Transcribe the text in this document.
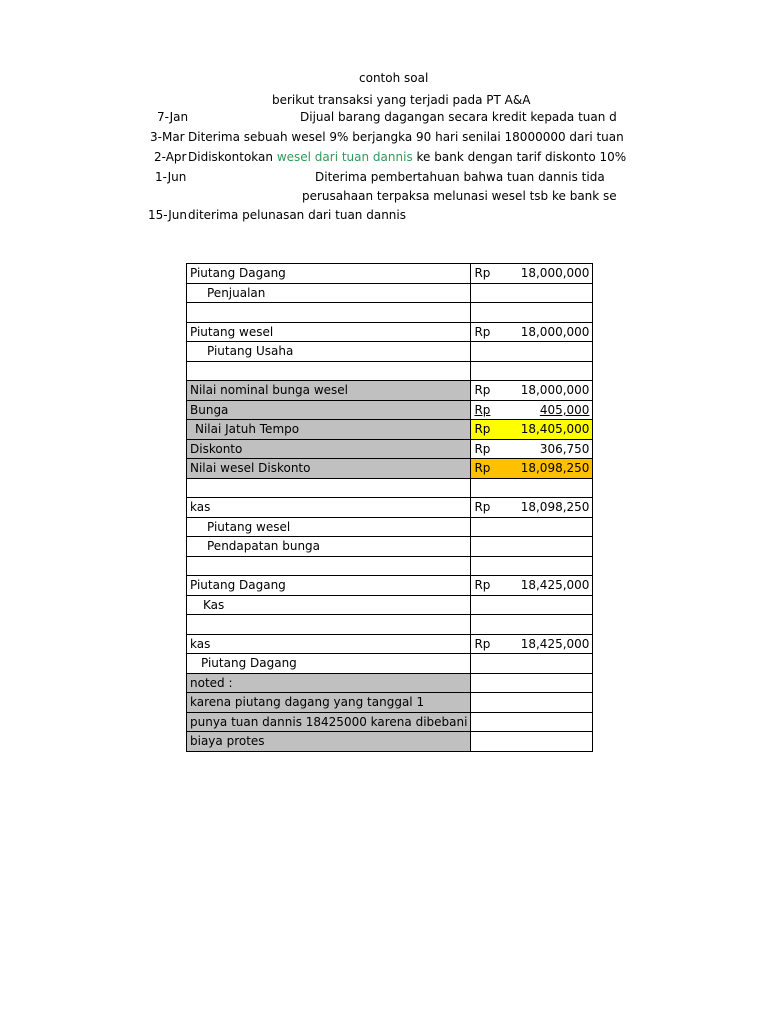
contoh soal
berikut transaksi yang terjadi pada PT A&A
7-Jan	Dijual barang dagangan secara kredit kepada tuan d
3-Mar Diterima sebuah wesel 9% berjangka 90 hari senilai 18000000 dari tuan
2-Apr Didiskontokan wesel dari tuan dannis ke bank dengan tarif diskonto 10%
1-Jun	Diterima pembertahuan bahwa tuan dannis tida
perusahaan terpaksa melunasi wesel tsb ke bank se
15-Jun diterima pelunasan dari tuan dannis
Piutang Dagang	Rp	18,000,000
Penjualan		

Piutang wesel	Rp	18,000,000
Piutang Usaha		

Nilai nominal bunga wesel	Rp	18,000,000
Bunga	Rp	405,000
Nilai Jatuh Tempo	Rp	18,405,000
Diskonto	Rp	306,750
Nilai wesel Diskonto	Rp	18,098,250

kas	Rp	18,098,250
Piutang wesel		
Pendapatan bunga		

Piutang Dagang	Rp	18,425,000
Kas		

kas	Rp	18,425,000
Piutang Dagang		
noted :		
karena piutang dagang yang tanggal 1		
punya tuan dannis 18425000 karena dibebani		
biaya protes		
